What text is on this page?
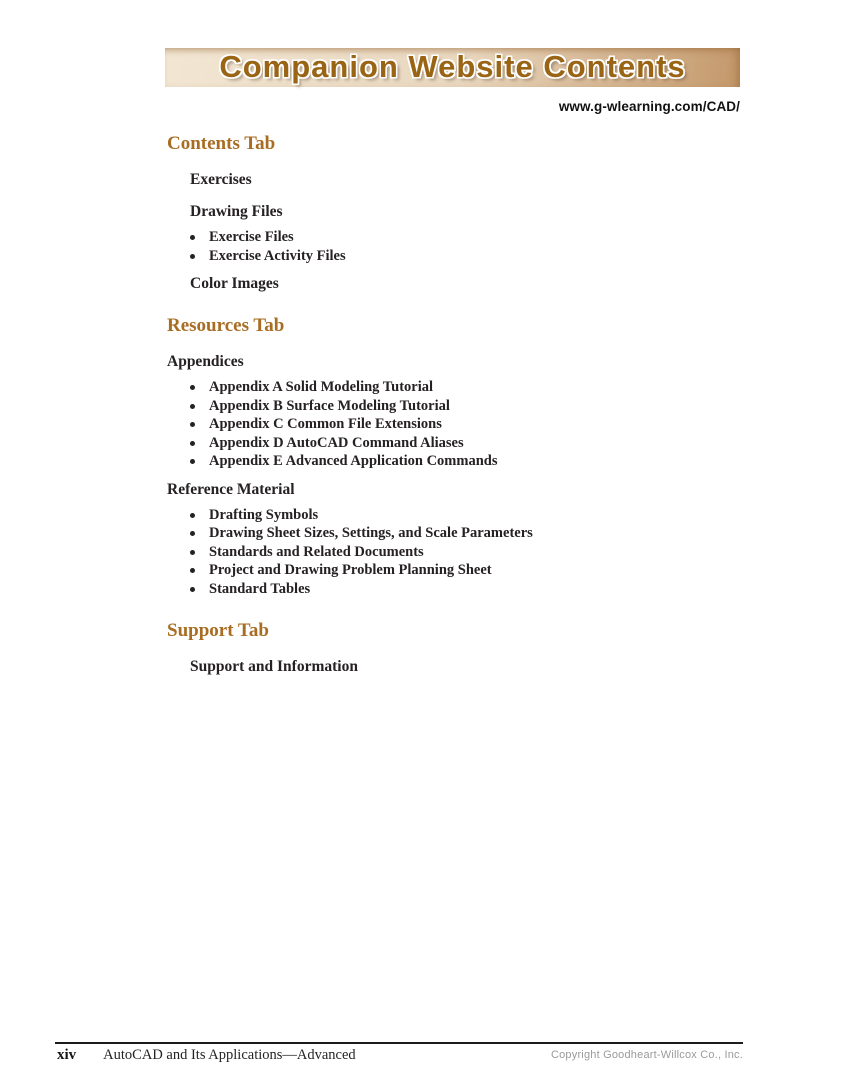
Companion Website Contents
www.g-wlearning.com/CAD/
Contents Tab
Exercises
Drawing Files
Exercise Files
Exercise Activity Files
Color Images
Resources Tab
Appendices
Appendix A Solid Modeling Tutorial
Appendix B Surface Modeling Tutorial
Appendix C Common File Extensions
Appendix D AutoCAD Command Aliases
Appendix E Advanced Application Commands
Reference Material
Drafting Symbols
Drawing Sheet Sizes, Settings, and Scale Parameters
Standards and Related Documents
Project and Drawing Problem Planning Sheet
Standard Tables
Support Tab
Support and Information
xiv AutoCAD and Its Applications—Advanced	Copyright Goodheart-Willcox Co., Inc.
